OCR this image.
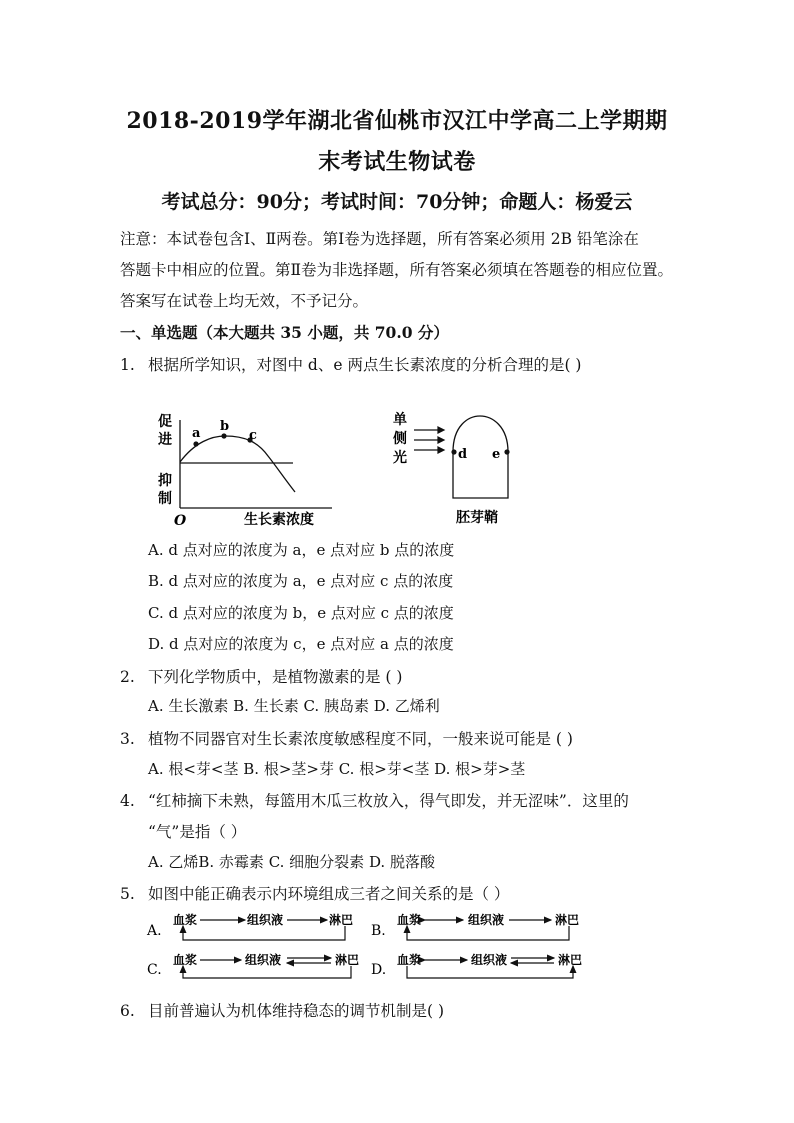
2018-2019学年湖北省仙桃市汉江中学高二上学期期
末考试生物试卷
考试总分：90分；考试时间：70分钟；命题人：杨爱云
注意：本试卷包含Ⅰ、Ⅱ两卷。第Ⅰ卷为选择题，所有答案必须用 2B 铅笔涂在
答题卡中相应的位置。第Ⅱ卷为非选择题，所有答案必须填在答题卷的相应位置。
答案写在试卷上均无效，不予记分。
一、单选题（本大题共 35 小题，共 70.0 分）
1. 根据所学知识，对图中 d、e 两点生长素浓度的分析合理的是( )
促
进
抑
制
a b
c
O	生长素浓度
单
侧
光	d e
胚芽鞘
A. d 点对应的浓度为 a，e 点对应 b 点的浓度
B. d 点对应的浓度为 a，e 点对应 c 点的浓度
C. d 点对应的浓度为 b，e 点对应 c 点的浓度
D. d 点对应的浓度为 c，e 点对应 a 点的浓度
2. 下列化学物质中，是植物激素的是 ( )
A. 生长激素 B. 生长素 C. 胰岛素 D. 乙烯利
3. 植物不同器官对生长素浓度敏感程度不同，一般来说可能是 ( )
A. 根<芽<茎 B. 根>茎>芽 C. 根>芽<茎 D. 根>芽>茎
4. “红柿摘下未熟，每篮用木瓜三枚放入，得气即发，并无涩味”．这里的
“气”是指（ ）
A. 乙烯B. 赤霉素 C. 细胞分裂素 D. 脱落酸
5. 如图中能正确表示内环境组成三者之间关系的是（ ）
A.
血浆	组织液	淋巴
B.
血浆	组织液	淋巴
C.
血浆	组织液	淋巴
D.
血浆	组织液	淋巴
6. 目前普遍认为机体维持稳态的调节机制是( )
